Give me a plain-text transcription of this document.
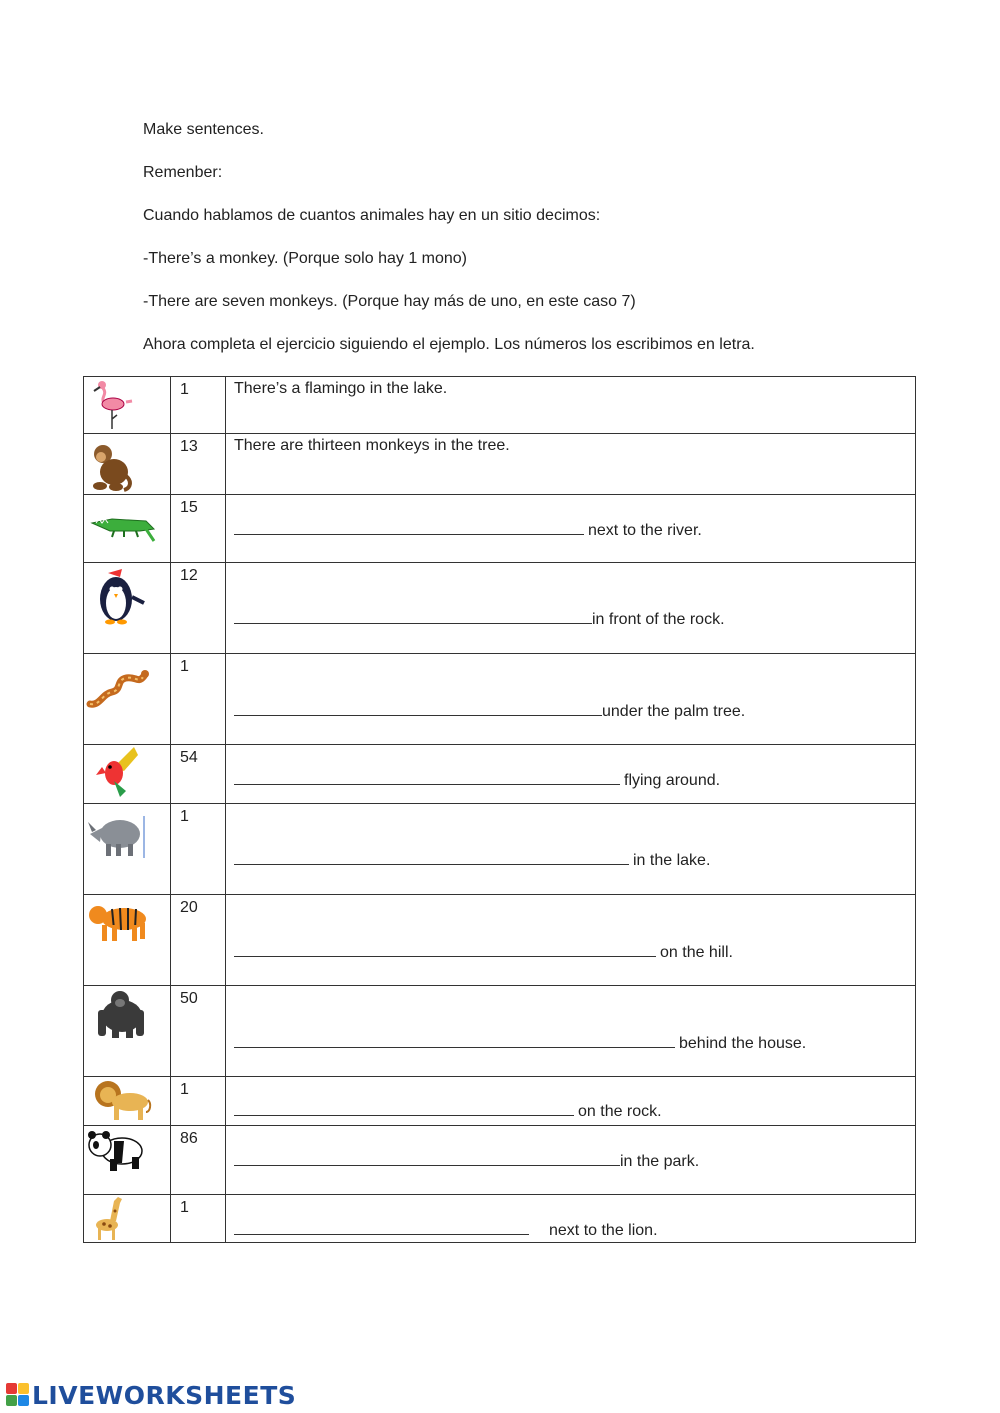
Make sentences.

Remenber:

Cuando hablamos de cuantos animales hay en un sitio decimos:

-There’s a monkey. (Porque solo hay 1 mono)

-There are seven monkeys. (Porque hay más de uno, en este caso 7)

Ahora completa el ejercicio siguiendo el ejemplo. Los números los escribimos en letra.

	1	There’s a flamingo in the lake.

	13	There are thirteen monkeys in the tree.

	15	next to the river.

	12	in front of the rock.

	1	under the palm tree.

	54	flying around.

	1	in the lake.

	20	on the hill.

	50	behind the house.

	1	on the rock.

	86	in the park.

	1	next to the lion.
LIVEWORKSHEETS
